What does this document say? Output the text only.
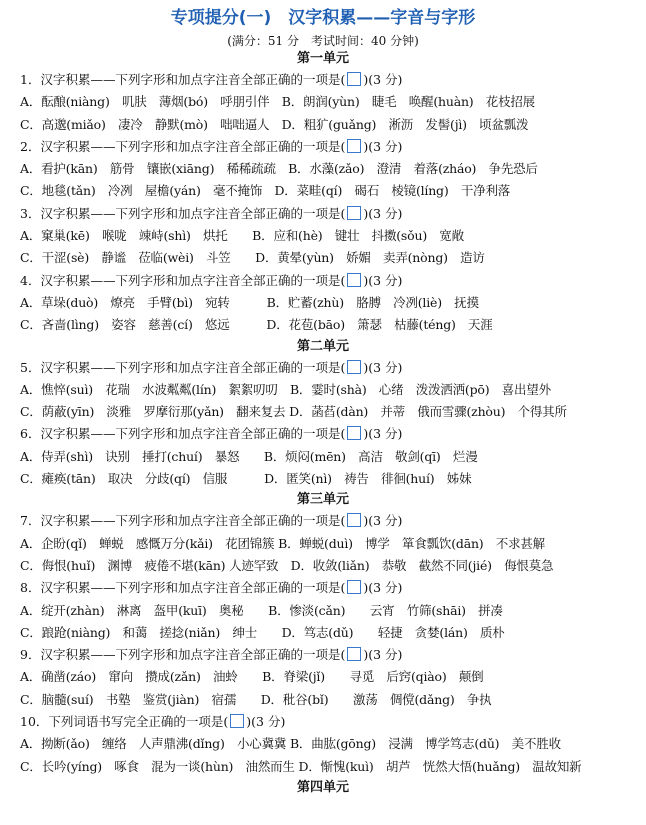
专项提分(一)　汉字积累——字音与字形
(满分：51 分　考试时间：40 分钟)
第一单元
1．汉字积累——下列字形和加点字注音全部正确的一项是( )(3 分)
A．酝酿(niàng)　叽肤　薄烟(bó)　呼朋引伴　B．朗润(yùn)　睫毛　唤醒(huàn)　花枝招展
C．高邈(miǎo)　凄冷　静默(mò)　咄咄逼人　D．粗犷(guǎng)　淅沥　发髻(jì)　顷盆瓢泼
2．汉字积累——下列字形和加点字注音全部正确的一项是( )(3 分)
A．看护(kān)　筋骨　镶嵌(xiāng)　稀稀疏疏　B．水藻(zǎo)　澄清　着落(zháo)　争先恐后
C．地毯(tǎn)　冷冽　屋檐(yán)　毫不掩饰　D．菜畦(qí)　碣石　棱镜(líng)　干净利落
3．汉字积累——下列字形和加点字注音全部正确的一项是( )(3 分)
A．窠巢(kē)　喉咙　竦峙(shì)　烘托　　B．应和(hè)　键壮　抖擞(sǒu)　宽敞
C．干涩(sè)　静谧　莅临(wèi)　斗笠　　D．黄晕(yùn)　娇媚　卖弄(nòng)　造访
4．汉字积累——下列字形和加点字注音全部正确的一项是( )(3 分)
A．草垛(duò)　燎亮　手臂(bì)　宛转　　　B．贮蓄(zhù)　胳膊　冷冽(liè)　抚摸
C．吝啬(lìng)　姿容　慈善(cí)　悠远　　　D．花苞(bāo)　箫瑟　枯藤(téng)　天涯
第二单元
5．汉字积累——下列字形和加点字注音全部正确的一项是( )(3 分)
A．憔悴(suì)　花瑞　水波粼粼(lín)　絮絮叨叨　B．霎时(shà)　心绪　泼泼洒洒(pō)　喜出望外
C．荫蔽(yīn)　淡雅　罗摩衍那(yǎn)　翻来复去 D．菡萏(dàn)　并蒂　俄而雪骤(zhòu)　个得其所
6．汉字积累——下列字形和加点字注音全部正确的一项是( )(3 分)
A．侍弄(shì)　诀别　捶打(chuí)　暴怒　　B．烦闷(mēn)　高洁　敬剑(qī)　烂漫
C．瘫痪(tān)　取决　分歧(qí)　信服　　　D．匿笑(nì)　祷告　徘徊(huí)　姊妹
第三单元
7．汉字积累——下列字形和加点字注音全部正确的一项是( )(3 分)
A．企盼(qǐ)　蝉蜕　感慨万分(kǎi)　花团锦簇 B．蝉蜕(duì)　博学　箪食瓢饮(dān)　不求甚解
C．侮恨(huǐ)　渊博　疲倦不堪(kān) 人迹罕致　D．收敛(liǎn)　恭敬　截然不同(jié)　侮恨莫急
8．汉字积累——下列字形和加点字注音全部正确的一项是( )(3 分)
A．绽开(zhàn)　淋离　盔甲(kuī)　奥秘　　B．惨淡(cǎn)　　云宵　竹筛(shāi)　拼凑
C．踉跄(niàng)　和蔼　搓捻(niǎn)　绅士　　D．笃志(dǔ)　　轻捷　贪婪(lán)　质朴
9．汉字积累——下列字形和加点字注音全部正确的一项是( )(3 分)
A．确凿(záo)　窜向　攒成(zǎn)　油蛉　　B．脊梁(jǐ)　　寻觅　后窍(qiào)　颠倒
C．脑髓(suí)　书塾　鉴赏(jiàn)　宿孺　　D．秕谷(bǐ)　　激荡　倜傥(dǎng)　争执
10．下列词语书写完全正确的一项是( )(3 分)
A．拗断(ǎo)　缠络　人声鼎沸(dǐng)　小心冀冀 B．曲肱(gōng)　浸满　博学笃志(dǔ)　美不胜收
C．长吟(yíng)　啄食　混为一谈(hùn)　油然而生 D．惭愧(kuì)　胡芦　恍然大悟(huǎng)　温故知新
第四单元
